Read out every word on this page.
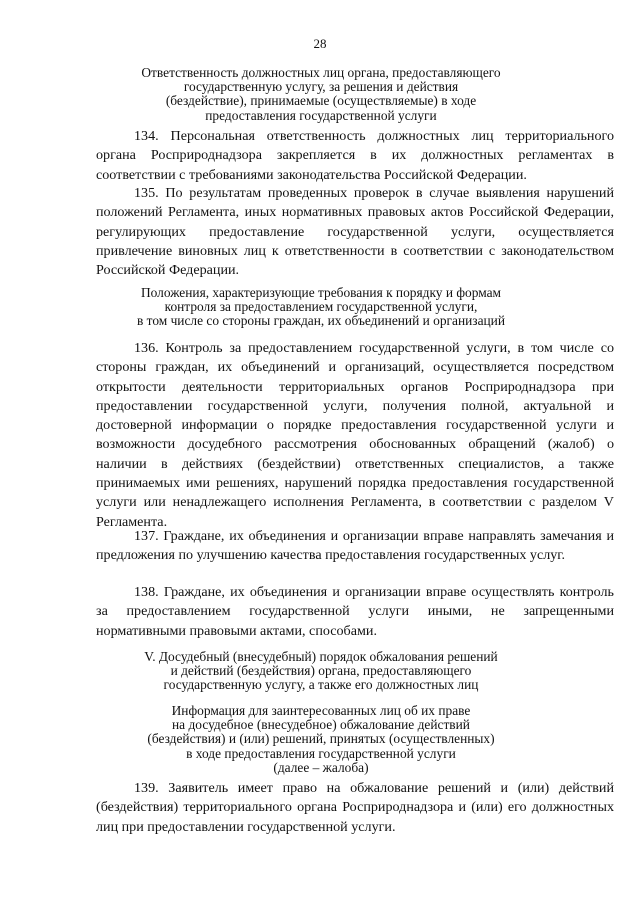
28
Ответственность должностных лиц органа, предоставляющего
государственную услугу, за решения и действия
(бездействие), принимаемые (осуществляемые) в ходе
предоставления государственной услуги
134. Персональная ответственность должностных лиц территориального органа Росприроднадзора закрепляется в их должностных регламентах в соответствии с требованиями законодательства Российской Федерации.
135. По результатам проведенных проверок в случае выявления нарушений положений Регламента, иных нормативных правовых актов Российской Федерации, регулирующих предоставление государственной услуги, осуществляется привлечение виновных лиц к ответственности в соответствии с законодательством Российской Федерации.
Положения, характеризующие требования к порядку и формам
контроля за предоставлением государственной услуги,
в том числе со стороны граждан, их объединений и организаций
136. Контроль за предоставлением государственной услуги, в том числе со стороны граждан, их объединений и организаций, осуществляется посредством открытости деятельности территориальных органов Росприроднадзора при предоставлении государственной услуги, получения полной, актуальной и достоверной информации о порядке предоставления государственной услуги и возможности досудебного рассмотрения обоснованных обращений (жалоб) о наличии в действиях (бездействии) ответственных специалистов, а также принимаемых ими решениях, нарушений порядка предоставления государственной услуги или ненадлежащего исполнения Регламента, в соответствии с разделом V Регламента.
137. Граждане, их объединения и организации вправе направлять замечания и предложения по улучшению качества предоставления государственных услуг.
138. Граждане, их объединения и организации вправе осуществлять контроль за предоставлением государственной услуги иными, не запрещенными нормативными правовыми актами, способами.
V. Досудебный (внесудебный) порядок обжалования решений
и действий (бездействия) органа, предоставляющего
государственную услугу, а также его должностных лиц
Информация для заинтересованных лиц об их праве
на досудебное (внесудебное) обжалование действий
(бездействия) и (или) решений, принятых (осуществленных)
в ходе предоставления государственной услуги
(далее – жалоба)
139. Заявитель имеет право на обжалование решений и (или) действий (бездействия) территориального органа Росприроднадзора и (или) его должностных лиц при предоставлении государственной услуги.
